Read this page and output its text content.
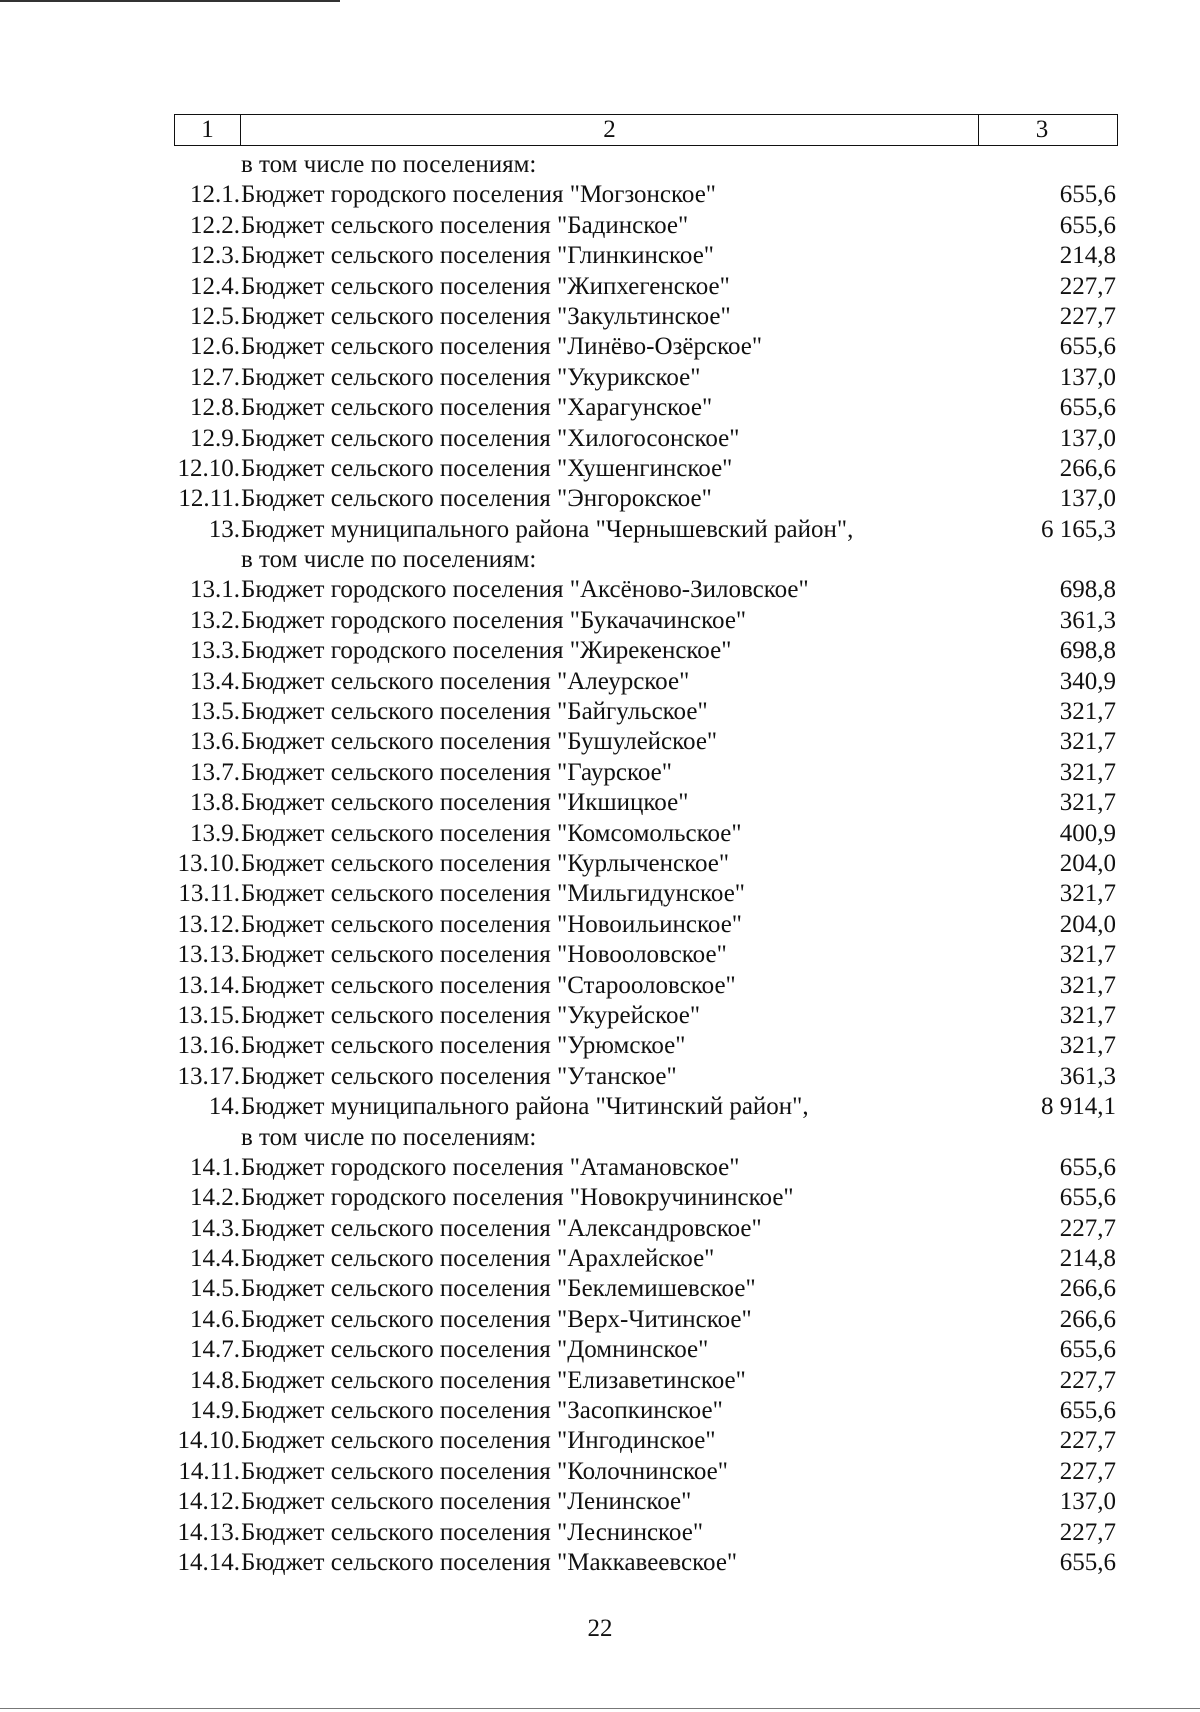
1	2	3
в том числе по поселениям:
12.1. Бюджет городского поселения "Могзонское"	655,6
12.2. Бюджет сельского поселения "Бадинское"	655,6
12.3. Бюджет сельского поселения "Глинкинское"	214,8
12.4. Бюджет сельского поселения "Жипхегенское"	227,7
12.5. Бюджет сельского поселения "Закультинское"	227,7
12.6. Бюджет сельского поселения "Линёво-Озёрское"	655,6
12.7. Бюджет сельского поселения "Укурикское"	137,0
12.8. Бюджет сельского поселения "Харагунское"	655,6
12.9. Бюджет сельского поселения "Хилогосонское"	137,0
12.10. Бюджет сельского поселения "Хушенгинское"	266,6
12.11. Бюджет сельского поселения "Энгорокское"	137,0
13. Бюджет муниципального района "Чернышевский район",	6 165,3
в том числе по поселениям:
13.1. Бюджет городского поселения "Аксёново-Зиловское"	698,8
13.2. Бюджет городского поселения "Букачачинское"	361,3
13.3. Бюджет городского поселения "Жирекенское"	698,8
13.4. Бюджет сельского поселения "Алеурское"	340,9
13.5. Бюджет сельского поселения "Байгульское"	321,7
13.6. Бюджет сельского поселения "Бушулейское"	321,7
13.7. Бюджет сельского поселения "Гаурское"	321,7
13.8. Бюджет сельского поселения "Икшицкое"	321,7
13.9. Бюджет сельского поселения "Комсомольское"	400,9
13.10. Бюджет сельского поселения "Курлыченское"	204,0
13.11. Бюджет сельского поселения "Мильгидунское"	321,7
13.12. Бюджет сельского поселения "Новоильинское"	204,0
13.13. Бюджет сельского поселения "Новооловское"	321,7
13.14. Бюджет сельского поселения "Старооловское"	321,7
13.15. Бюджет сельского поселения "Укурейское"	321,7
13.16. Бюджет сельского поселения "Урюмское"	321,7
13.17. Бюджет сельского поселения "Утанское"	361,3
14. Бюджет муниципального района "Читинский район",	8 914,1
в том числе по поселениям:
14.1. Бюджет городского поселения "Атамановское"	655,6
14.2. Бюджет городского поселения "Новокручининское"	655,6
14.3. Бюджет сельского поселения "Александровское"	227,7
14.4. Бюджет сельского поселения "Арахлейское"	214,8
14.5. Бюджет сельского поселения "Беклемишевское"	266,6
14.6. Бюджет сельского поселения "Верх-Читинское"	266,6
14.7. Бюджет сельского поселения "Домнинское"	655,6
14.8. Бюджет сельского поселения "Елизаветинское"	227,7
14.9. Бюджет сельского поселения "Засопкинское"	655,6
14.10. Бюджет сельского поселения "Ингодинское"	227,7
14.11. Бюджет сельского поселения "Колочнинское"	227,7
14.12. Бюджет сельского поселения "Ленинское"	137,0
14.13. Бюджет сельского поселения "Леснинское"	227,7
14.14. Бюджет сельского поселения "Маккавеевское"	655,6
22
